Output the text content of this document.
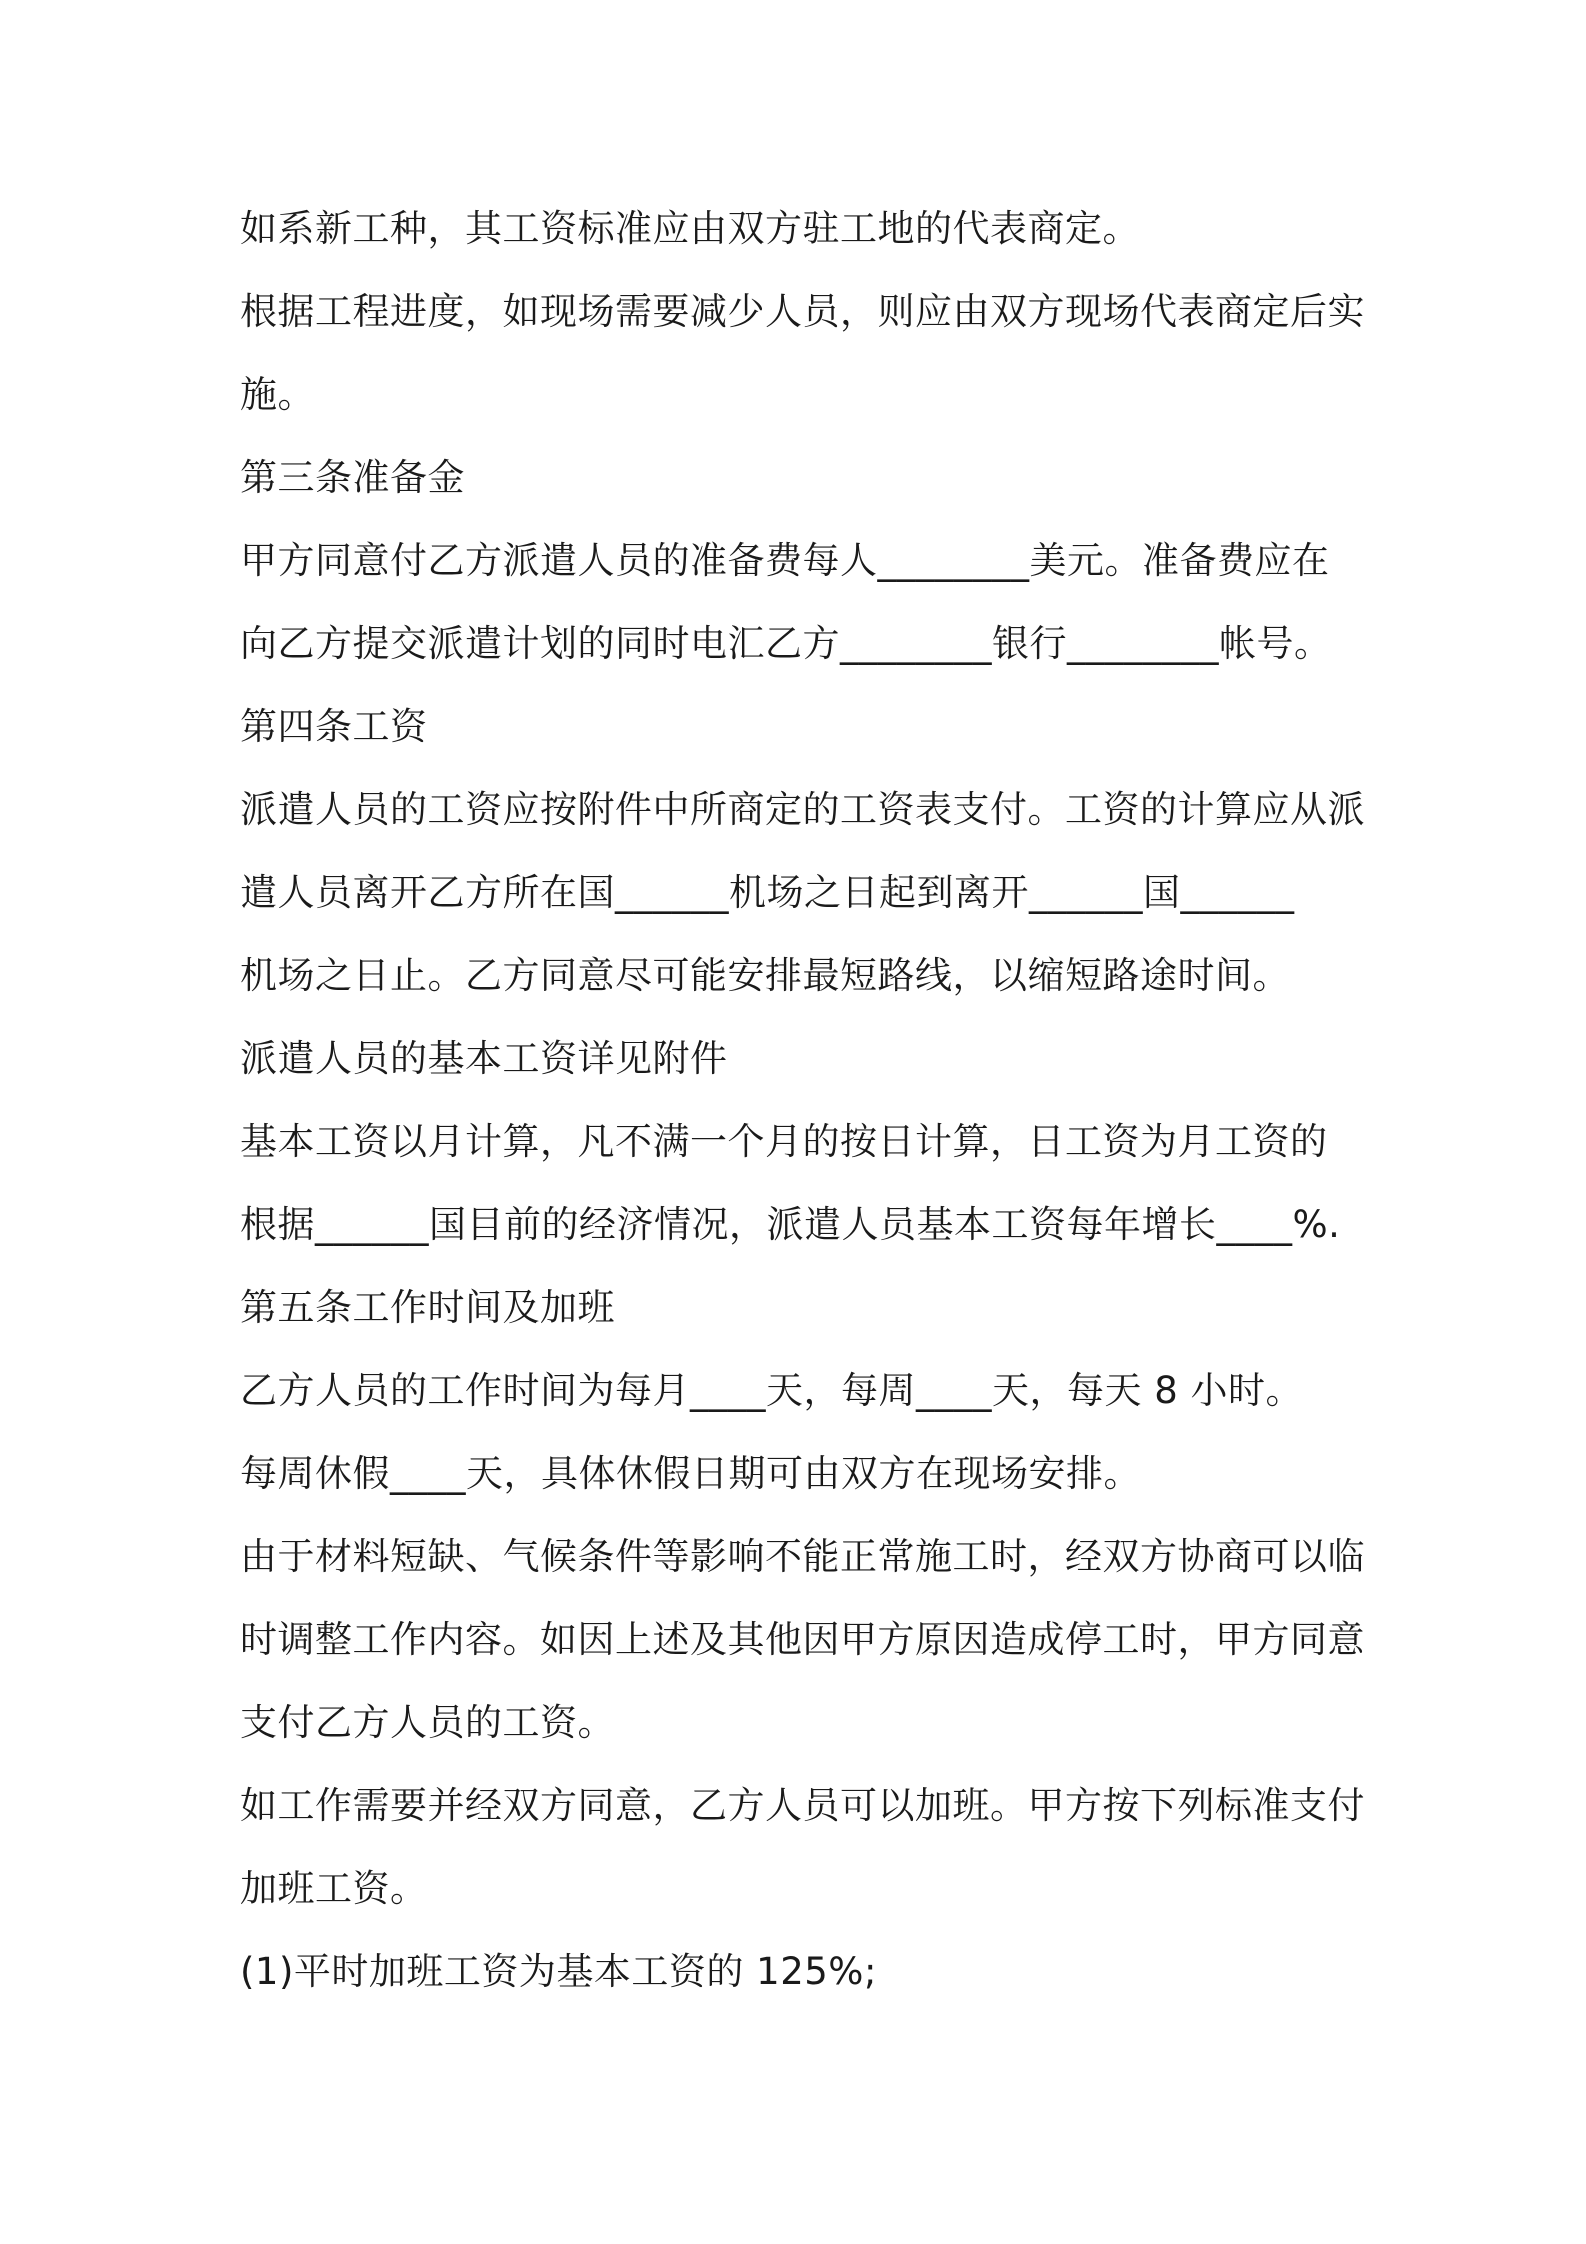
如系新工种，其工资标准应由双方驻工地的代表商定。
根据工程进度，如现场需要减少人员，则应由双方现场代表商定后实
施。
第三条准备金
甲方同意付乙方派遣人员的准备费每人________美元。准备费应在
向乙方提交派遣计划的同时电汇乙方________银行________帐号。
第四条工资
派遣人员的工资应按附件中所商定的工资表支付。工资的计算应从派
遣人员离开乙方所在国______机场之日起到离开______国______
机场之日止。乙方同意尽可能安排最短路线，以缩短路途时间。
派遣人员的基本工资详见附件
基本工资以月计算，凡不满一个月的按日计算，日工资为月工资的
根据______国目前的经济情况，派遣人员基本工资每年增长____%.
第五条工作时间及加班
乙方人员的工作时间为每月____天，每周____天，每天 8 小时。
每周休假____天，具体休假日期可由双方在现场安排。
由于材料短缺、气候条件等影响不能正常施工时，经双方协商可以临
时调整工作内容。如因上述及其他因甲方原因造成停工时，甲方同意
支付乙方人员的工资。
如工作需要并经双方同意，乙方人员可以加班。甲方按下列标准支付
加班工资。
(1)平时加班工资为基本工资的 125%;
